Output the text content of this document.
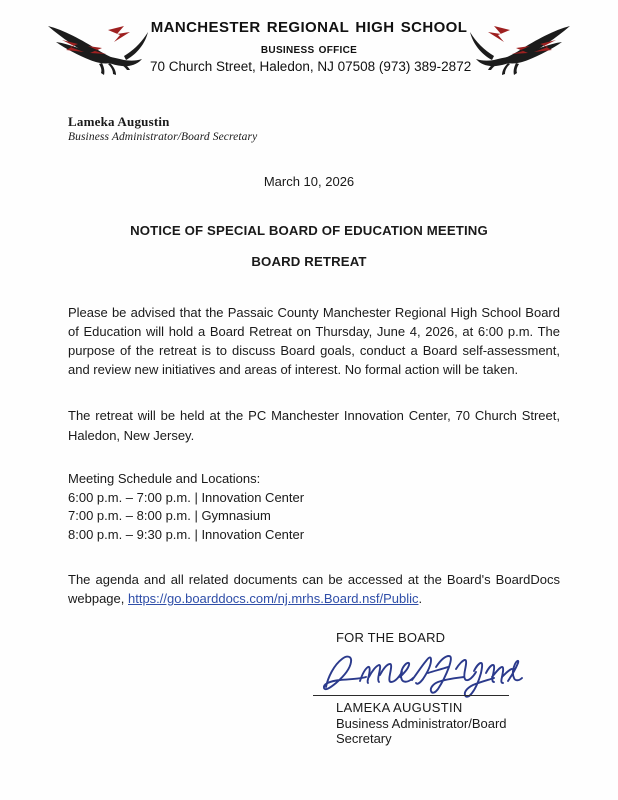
manchester regional high school
business office
70 Church Street, Haledon, NJ 07508 (973) 389-2872
Lameka Augustin
Business Administrator/Board Secretary
March 10, 2026
NOTICE OF SPECIAL BOARD OF EDUCATION MEETING
BOARD RETREAT

Please be advised that the Passaic County Manchester Regional High School Board of Education will hold a Board Retreat on Thursday, June 4, 2026, at 6:00 p.m. The purpose of the retreat is to discuss Board goals, conduct a Board self-assessment, and review new initiatives and areas of interest. No formal action will be taken.

The retreat will be held at the PC Manchester Innovation Center, 70 Church Street, Haledon, New Jersey.

Meeting Schedule and Locations:
6:00 p.m. – 7:00 p.m. | Innovation Center
7:00 p.m. – 8:00 p.m. | Gymnasium
8:00 p.m. – 9:30 p.m. | Innovation Center

The agenda and all related documents can be accessed at the Board's BoardDocs webpage, https://go.boarddocs.com/nj.mrhs.Board.nsf/Public.

FOR THE BOARD
LAMEKA AUGUSTIN
Business Administrator/Board Secretary
